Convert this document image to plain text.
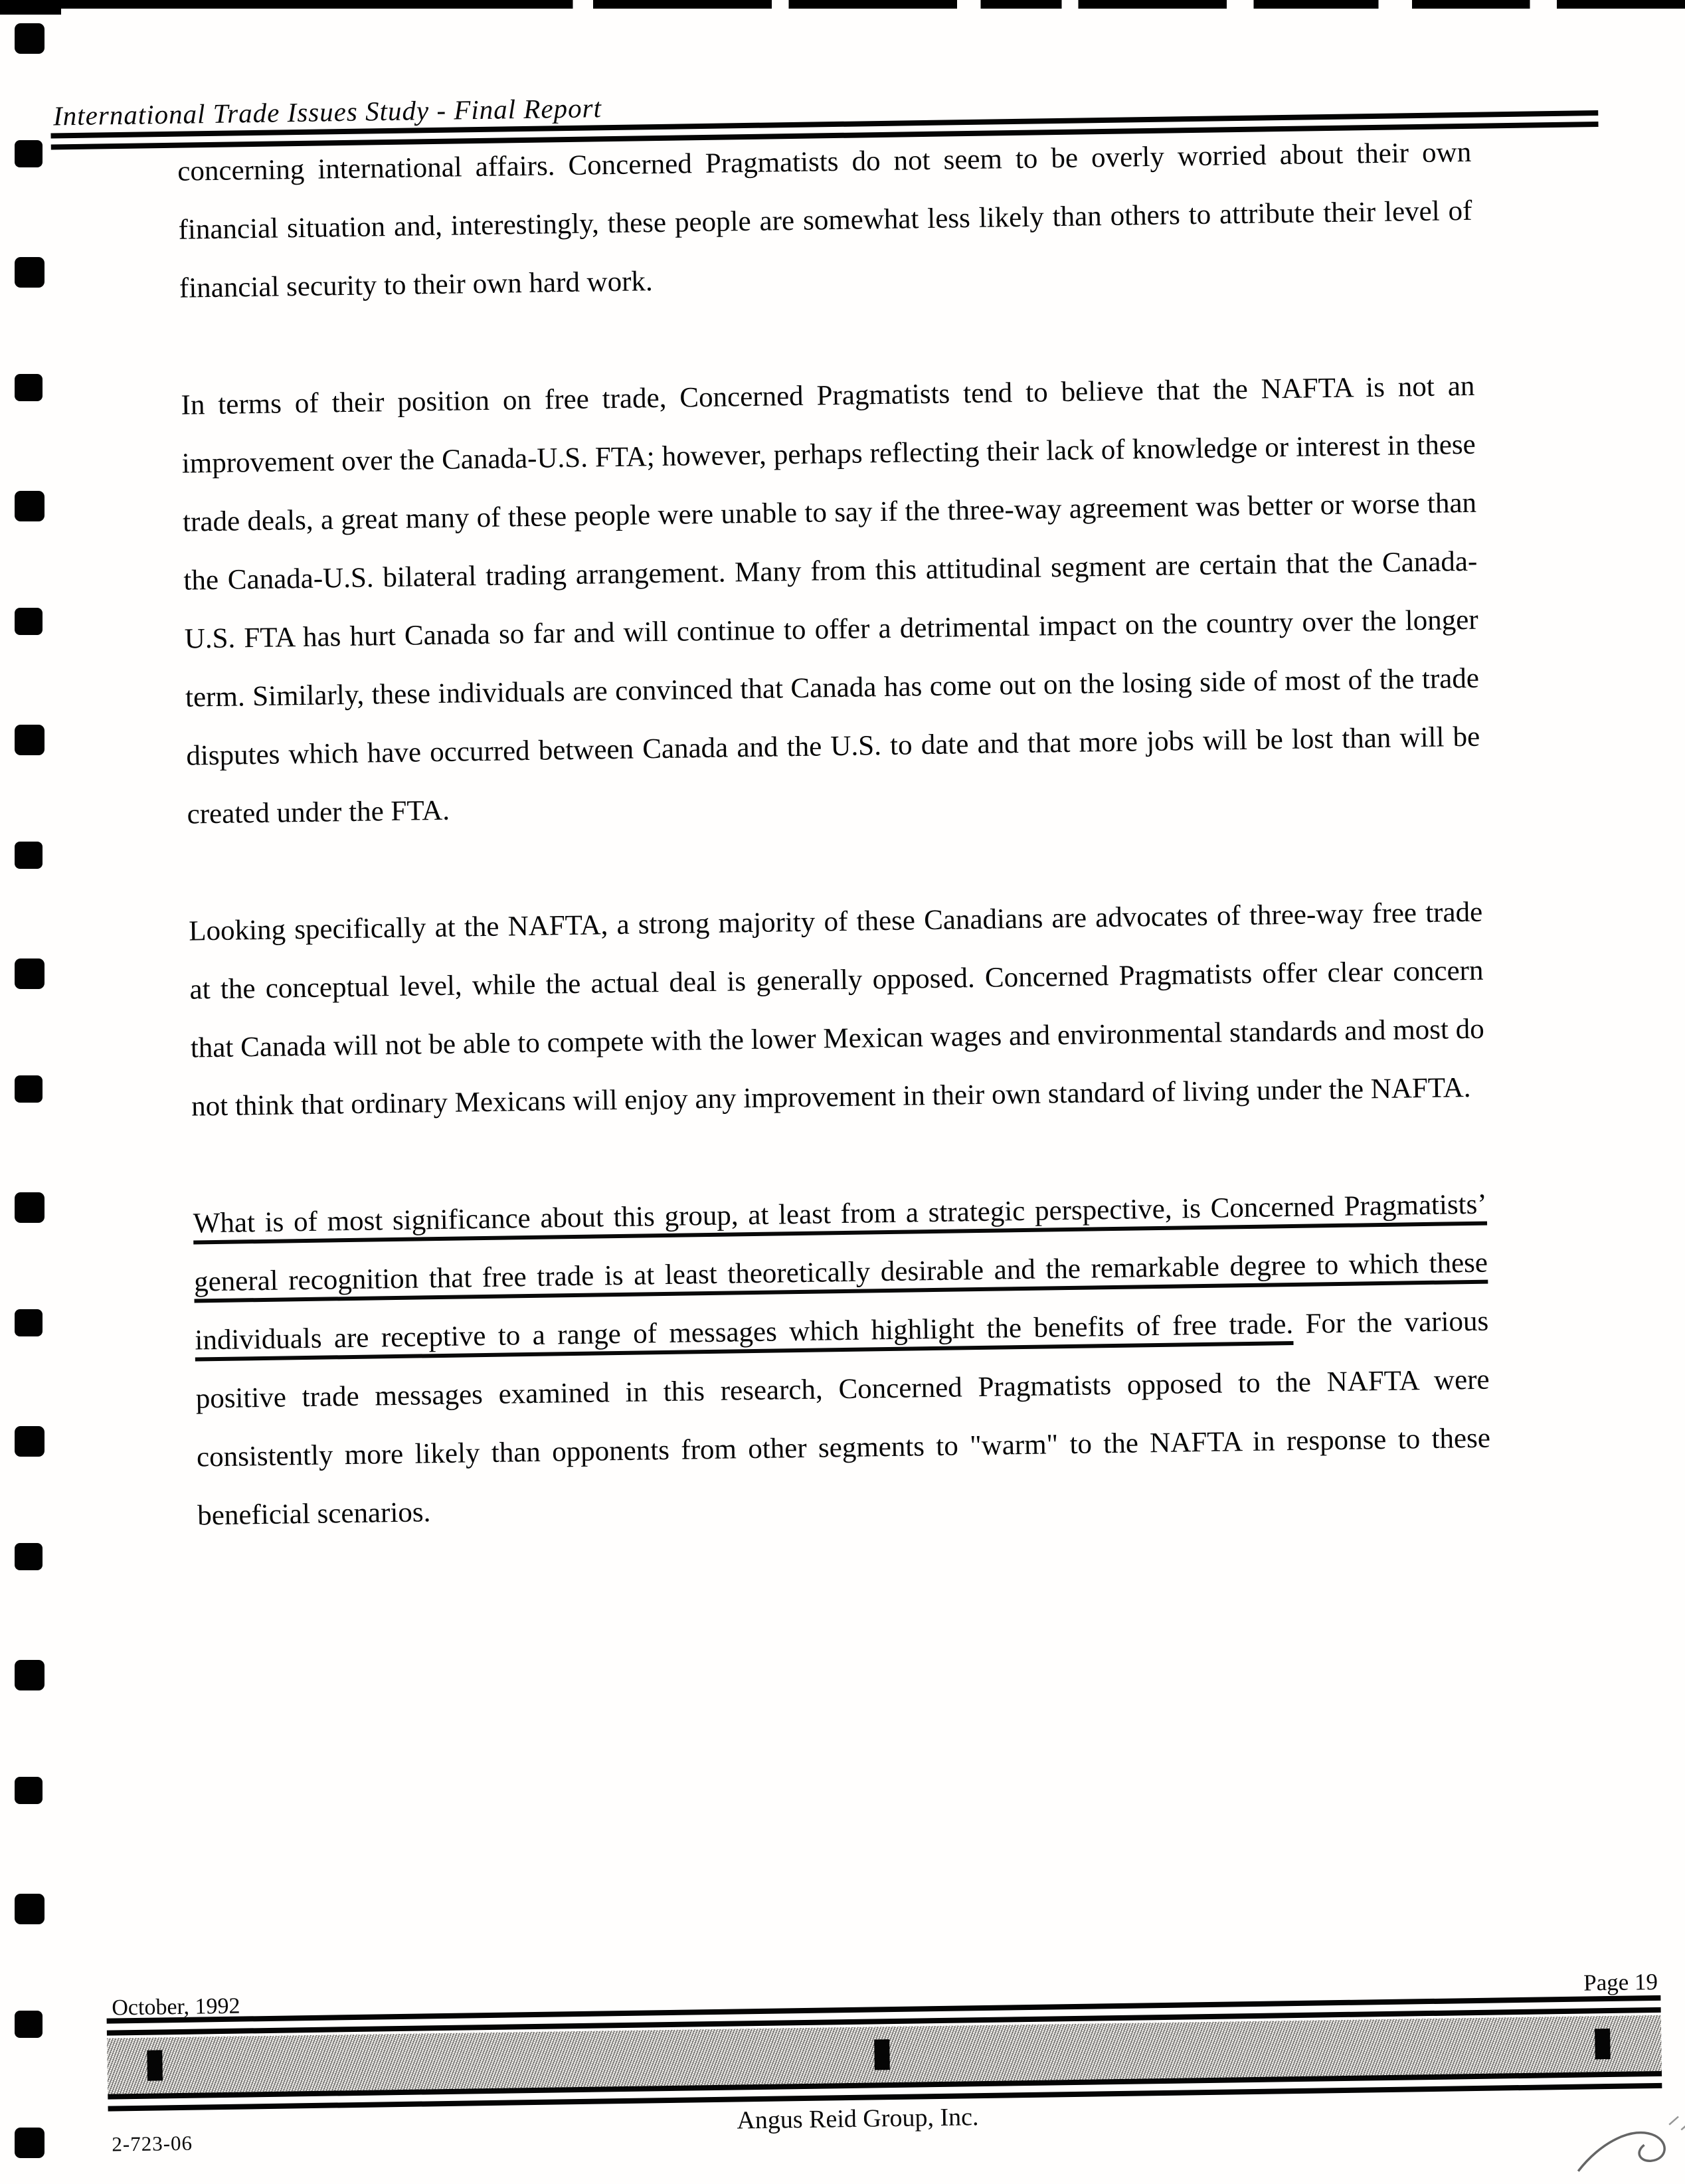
International Trade Issues Study - Final Report

concerning international affairs. Concerned Pragmatists do not seem to be overly worried about their own financial situation and, interestingly, these people are somewhat less likely than others to attribute their level of financial security to their own hard work.

In terms of their position on free trade, Concerned Pragmatists tend to believe that the NAFTA is not an improvement over the Canada-U.S. FTA; however, perhaps reflecting their lack of knowledge or interest in these trade deals, a great many of these people were unable to say if the three-way agreement was better or worse than the Canada-U.S. bilateral trading arrangement. Many from this attitudinal segment are certain that the Canada-U.S. FTA has hurt Canada so far and will continue to offer a detrimental impact on the country over the longer term. Similarly, these individuals are convinced that Canada has come out on the losing side of most of the trade disputes which have occurred between Canada and the U.S. to date and that more jobs will be lost than will be created under the FTA.

Looking specifically at the NAFTA, a strong majority of these Canadians are advocates of three-way free trade at the conceptual level, while the actual deal is generally opposed. Concerned Pragmatists offer clear concern that Canada will not be able to compete with the lower Mexican wages and environmental standards and most do not think that ordinary Mexicans will enjoy any improvement in their own standard of living under the NAFTA.

What is of most significance about this group, at least from a strategic perspective, is Concerned Pragmatists’ general recognition that free trade is at least theoretically desirable and the remarkable degree to which these individuals are receptive to a range of messages which highlight the benefits of free trade. For the various positive trade messages examined in this research, Concerned Pragmatists opposed to the NAFTA were consistently more likely than opponents from other segments to "warm" to the NAFTA in response to these beneficial scenarios.

October, 1992
Page 19
Angus Reid Group, Inc.
2-723-06
